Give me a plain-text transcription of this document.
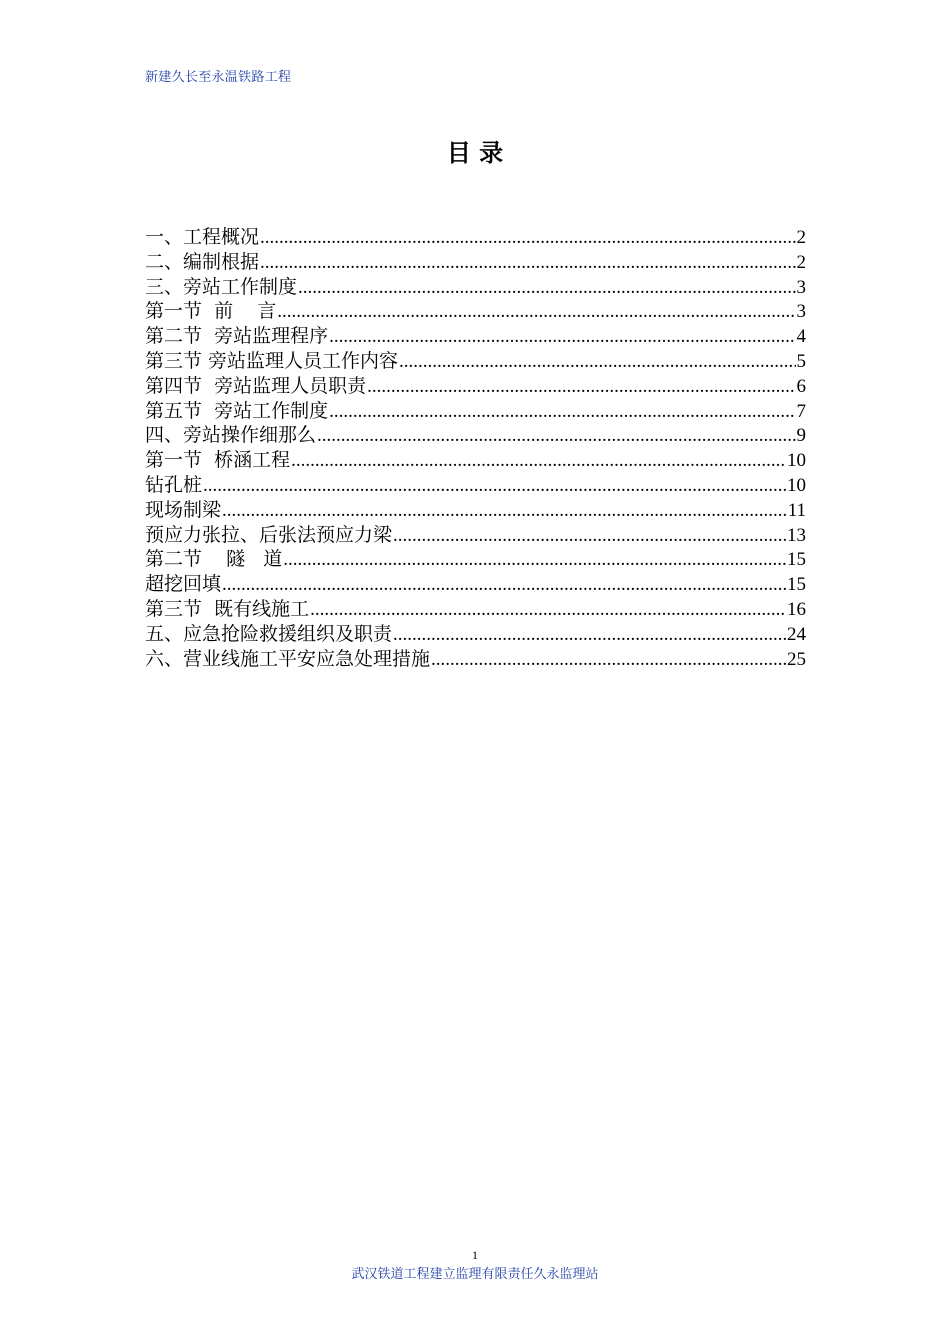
新建久长至永温铁路工程
目 录
一、工程概况 .....	2
二、编制根据 .....	2
三、旁站工作制度 .....	3
第一节  前    言 .....	3
第二节  旁站监理程序 .....	4
第三节 旁站监理人员工作内容 .....	5
第四节  旁站监理人员职责 .....	6
第五节  旁站工作制度 .....	7
四、旁站操作细那么 .....	9
第一节  桥涵工程 .....	10
钻孔桩 .....	10
现场制梁 .....	11
预应力张拉、后张法预应力梁 .....	13
第二节    隧   道 .....	15
超挖回填 .....	15
第三节  既有线施工 .....	16
五、应急抢险救援组织及职责 .....	24
六、营业线施工平安应急处理措施 .....	25
1
武汉铁道工程建立监理有限责任久永监理站
